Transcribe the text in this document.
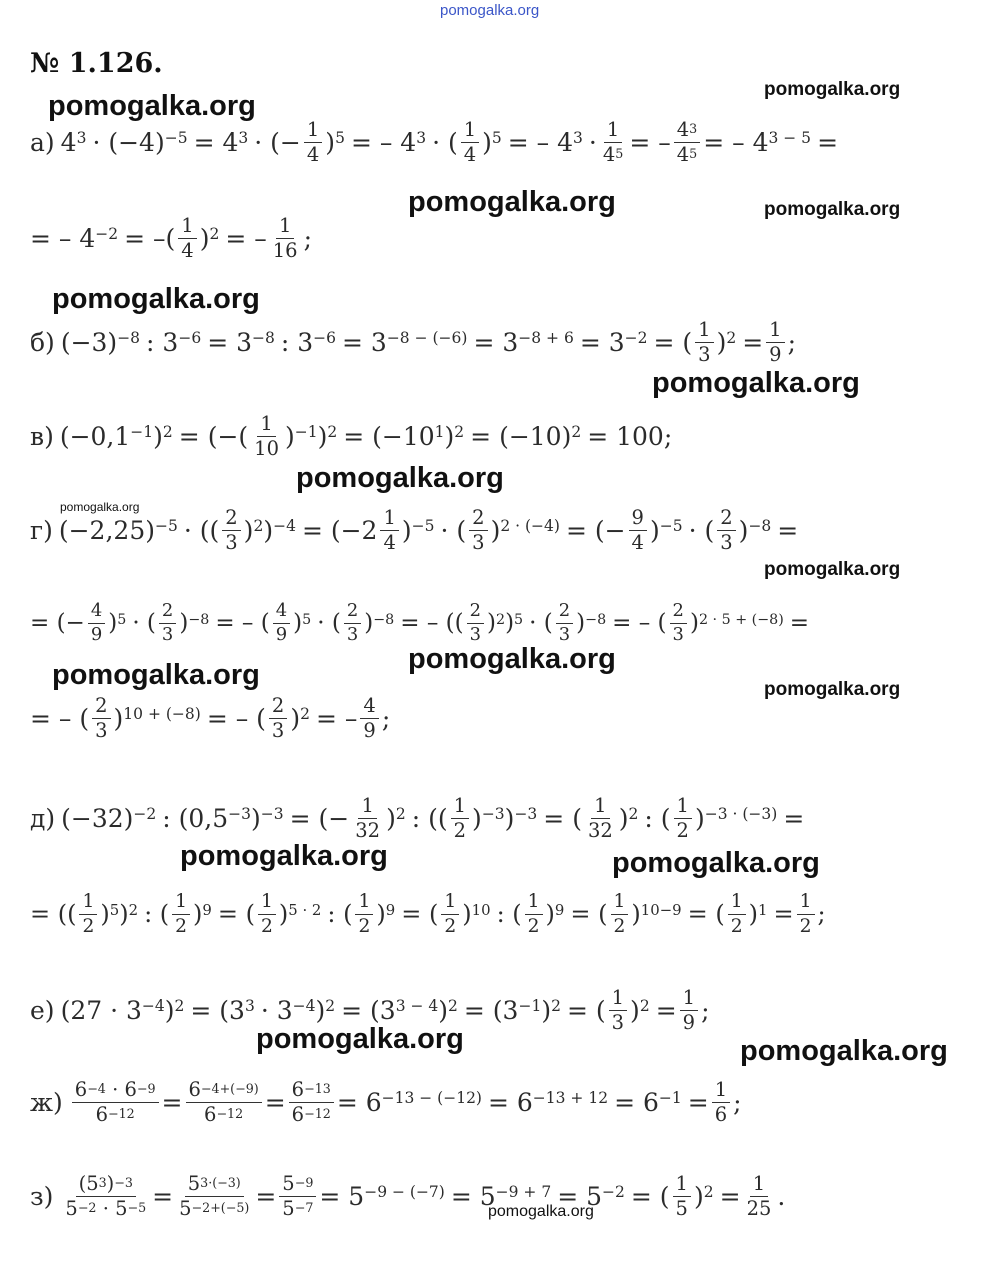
pomogalka.org
pomogalka.org
pomogalka.org
pomogalka.org	pomogalka.org
pomogalka.org
pomogalka.org
pomogalka.org
pomogalka.org
pomogalka.org
pomogalka.org
pomogalka.org	pomogalka.org
pomogalka.org	pomogalka.org
pomogalka.org	pomogalka.org
pomogalka.org
№ 1.126.
а) $4^3 \cdot (-4)^{-5} = 4^3$ · (− $\frac{1}{4} )^5$ = – $4^3$ · ( $\frac{1}{4} )^5$ = – $4^3 \cdot \frac{1}{4^5}$ = – $\frac{4^3}{4^5}$ = – $4^{3 - 5}$ =
= – $4^{-2}$ = –( $\frac{1}{4} )^2$ = – $\frac{1}{16}$ ;
б) $(-3)^{-8}$ : $3^{-6} = 3^{-8}$ : $3^{-6} = 3^{-8 - (-6)} = 3^{-8 + 6} = 3^{-2}$ = ( $\frac{1}{3} )^2 = \frac{1}{9}$ ;
в) ($-0,1^{-1}$ )$^2$ = (−( $\frac{1}{10} )^{-1}$ )$^2 = (-10^1$ )$^2 = (-10)^2 = 100$;
г) $(-2,25)^{-5}$ · (( $\frac{2}{3} )^2$ )$^{-4} = (-2 \frac{1}{4} )^{-5}$ · ( $\frac{2}{3} )^{2 \cdot (-4)}$ = (− $\frac{9}{4} )^{-5}$ · ( $\frac{2}{3} )^{-8}$ =
= (− $\frac{4}{9} )^5$ · ( $\frac{2}{3} )^{-8}$ = – ( $\frac{4}{9} )^5$ · ( $\frac{2}{3} )^{-8}$ = – (( $\frac{2}{3} )^2$ )$^5$ · ( $\frac{2}{3} )^{-8}$ = – ( $\frac{2}{3} )^{2 \cdot 5 + (-8)}$ =
= – ( $\frac{2}{3} )^{10 + (-8)}$ = – ( $\frac{2}{3} )^2$ = – $\frac{4}{9}$ ;
д) $(-32)^{-2}$ : ($0,5^{-3}$ )$^{-3}$ = (− $\frac{1}{32} )^2$ : (( $\frac{1}{2} )^{-3}$ )$^{-3}$ = ( $\frac{1}{32} )^2$ : ( $\frac{1}{2} )^{-3 \cdot (-3)}$ =
= (( $\frac{1}{2} )^5$ )$^2$ : ( $\frac{1}{2} )^9$ = ( $\frac{1}{2} )^{5 \cdot 2}$ : ( $\frac{1}{2} )^9$ = ( $\frac{1}{2} )^{10}$ : ( $\frac{1}{2} )^9$ = ( $\frac{1}{2} )^{10-9}$ = ( $\frac{1}{2} )^1 = \frac{1}{2}$ ;
е) ($27 \cdot 3^{-4}$ )$^2 = (3^3 \cdot 3^{-4}$ )$^2 = (3^{3 - 4}$ )$^2 = (3^{-1}$ )$^2$ = ( $\frac{1}{3} )^2 = \frac{1}{9}$ ;
$ж) \frac{6^{-4} \cdot 6^{-9}}{6^{-12}} = \frac{6^{-4+(-9)}}{6^{-12}} = \frac{6^{-13}}{6^{-12}} = 6^{-13 - (-12)} = 6^{-13 + 12} = 6^{-1} = \frac{1}{6}$ ;
$з) \frac{(5^3)^{-3}}{5^{-2} \cdot 5^{-5}} = \frac{5^{3\cdot(-3)}}{5^{-2+(-5)}} = \frac{5^{-9}}{5^{-7}} = 5^{-9 - (-7)} = 5^{-9 + 7} = 5^{-2}$ = ( $\frac{1}{5} )^2 = \frac{1}{25}$ .
